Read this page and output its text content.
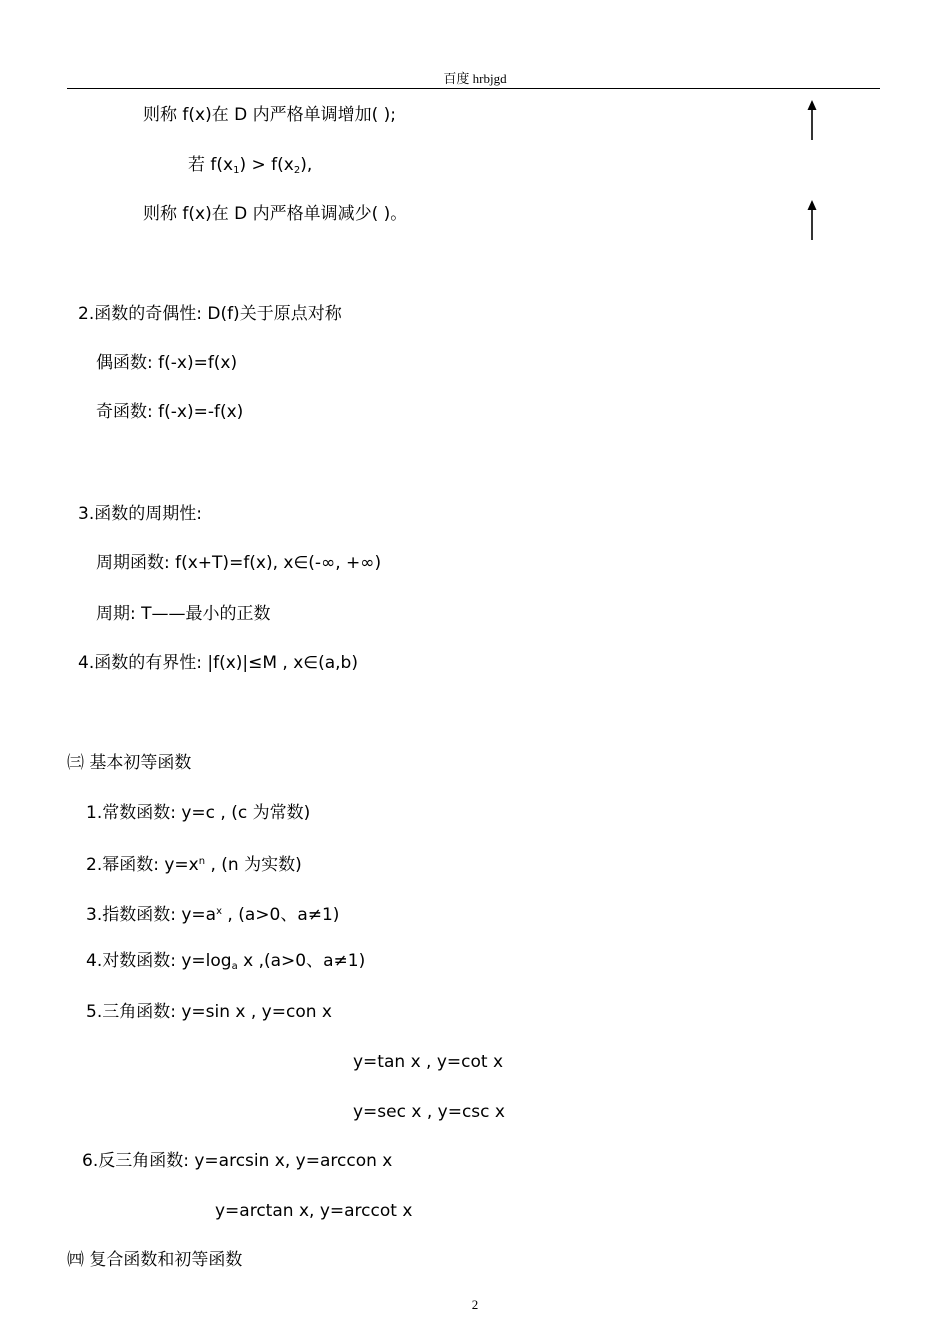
百度 hrbjgd
则称 f(x)在 D 内严格单调增加( );
若 $f(x_1) > f(x_2)$,
则称 f(x)在 D 内严格单调减少( )。
2.函数的奇偶性: D(f)关于原点对称
偶函数: f(-x)=f(x)
奇函数: f(-x)=-f(x)
3.函数的周期性:
周期函数: f(x+T)=f(x), x∈(-∞, +∞)
周期: T——最小的正数
4.函数的有界性: |f(x)|≤M , x∈(a,b)
㈢ 基本初等函数
1.常数函数: y=c , (c 为常数)
2.幂函数: $y=x^n$ , (n 为实数)
3.指数函数: $y=a^x$ , (a>0、a≠1)
4.对数函数: $y=\log_a$ x ,(a>0、a≠1)
5.三角函数: y=sin x , y=con x
y=tan x , y=cot x
y=sec x , y=csc x
6.反三角函数: y=arcsin x, y=arccon x
y=arctan x, y=arccot x
㈣ 复合函数和初等函数
2
